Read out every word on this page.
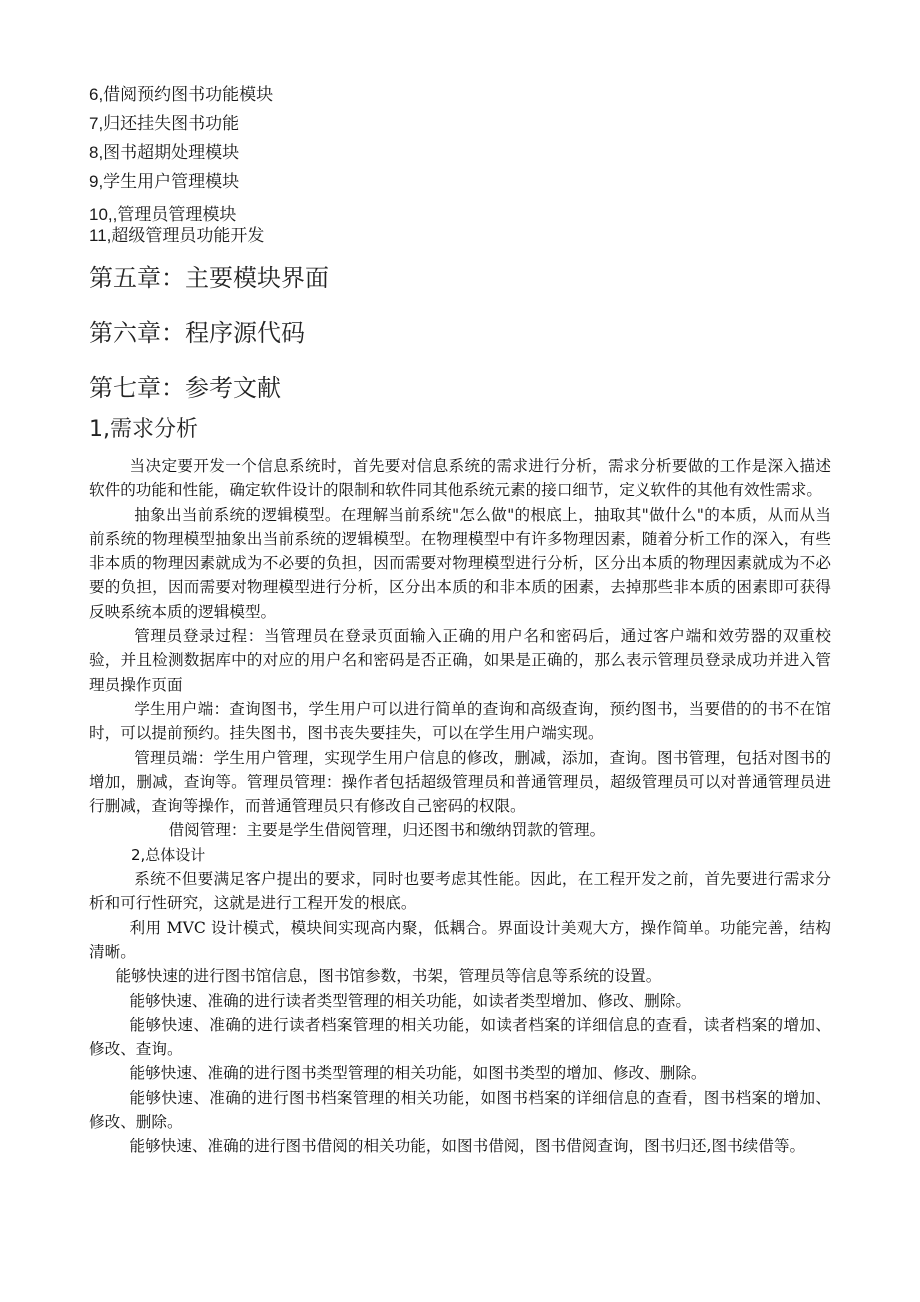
6,借阅预约图书功能模块
7,归还挂失图书功能
8,图书超期处理模块
9,学生用户管理模块
10,,管理员管理模块
11,超级管理员功能开发
第五章：主要模块界面
第六章：程序源代码
第七章：参考文献
1,需求分析

当决定要开发一个信息系统时，首先要对信息系统的需求进行分析，需求分析要做的工作是深入描述软件的功能和性能，确定软件设计的限制和软件同其他系统元素的接口细节，定义软件的其他有效性需求。

抽象出当前系统的逻辑模型。在理解当前系统"怎么做"的根底上，抽取其"做什么"的本质，从而从当前系统的物理模型抽象出当前系统的逻辑模型。在物理模型中有许多物理因素，随着分析工作的深入，有些非本质的物理因素就成为不必要的负担，因而需要对物理模型进行分析，区分出本质的物理因素就成为不必要的负担，因而需要对物理模型进行分析，区分出本质的和非本质的困素，去掉那些非本质的困素即可获得反映系统本质的逻辑模型。

管理员登录过程：当管理员在登录页面输入正确的用户名和密码后，通过客户端和效劳器的双重校验，并且检测数据库中的对应的用户名和密码是否正确，如果是正确的，那么表示管理员登录成功并进入管理员操作页面

学生用户端：查询图书，学生用户可以进行简单的查询和高级查询，预约图书，当要借的的书不在馆时，可以提前预约。挂失图书，图书丧失要挂失，可以在学生用户端实现。

管理员端：学生用户管理，实现学生用户信息的修改，删减，添加，查询。图书管理，包括对图书的增加，删减，查询等。管理员管理：操作者包括超级管理员和普通管理员，超级管理员可以对普通管理员进行删减，查询等操作，而普通管理员只有修改自己密码的权限。

借阅管理：主要是学生借阅管理，归还图书和缴纳罚款的管理。

2,总体设计

系统不但要满足客户提出的要求，同时也要考虑其性能。因此，在工程开发之前，首先要进行需求分析和可行性研究，这就是进行工程开发的根底。

利用 MVC 设计模式，模块间实现高内聚，低耦合。界面设计美观大方，操作简单。功能完善，结构清晰。

能够快速的进行图书馆信息，图书馆参数，书架，管理员等信息等系统的设置。

能够快速、准确的进行读者类型管理的相关功能，如读者类型增加、修改、删除。

能够快速、准确的进行读者档案管理的相关功能，如读者档案的详细信息的查看，读者档案的增加、修改、查询。

能够快速、准确的进行图书类型管理的相关功能，如图书类型的增加、修改、删除。

能够快速、准确的进行图书档案管理的相关功能，如图书档案的详细信息的查看，图书档案的增加、修改、删除。

能够快速、准确的进行图书借阅的相关功能，如图书借阅，图书借阅查询，图书归还,图书续借等。
